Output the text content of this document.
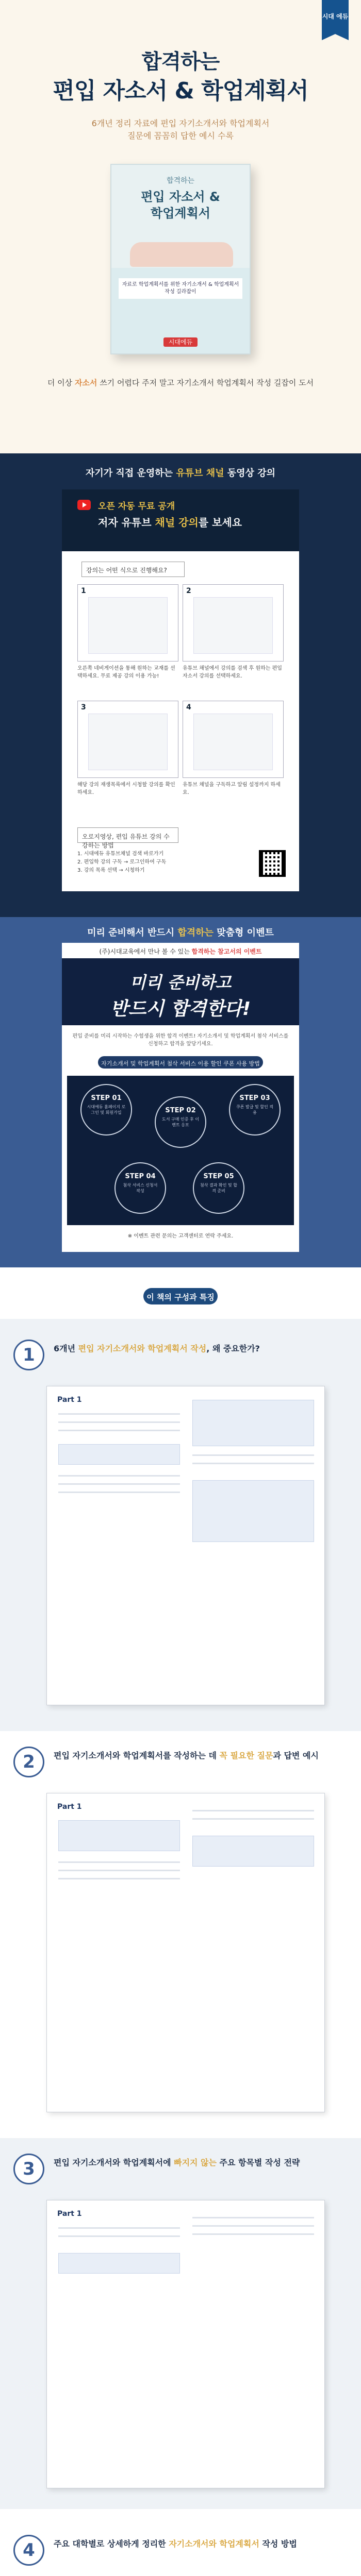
시대 에듀
합격하는
편입 자소서 & 학업계획서
6개년 정리 자료에 편입 자기소개서와 학업계획서
질문에 꼼꼼히 답한 예시 수록
합격하는
편입 자소서 &
학업계획서
자료로 학업계획서를 위한 자기소개서 & 학업계획서 작성 길라잡이
시대에듀
더 이상 자소서 쓰기 어렵다 주저 말고 자기소개서 학업계획서 작성 길잡이 도서
자기가 직접 운영하는 유튜브 채널 동영상 강의
오픈 자동 무료 공개
저자 유튜브 채널 강의를 보세요
강의는 어떤 식으로 진행해요?
1
오른쪽 네비게이션을 통해 원하는 교재를 선택하세요. 무료 제공 강의 이용 가능!
2
유튜브 채널에서 강의를 검색 후 원하는 편입 자소서 강의를 선택하세요.
3
해당 강의 재생목록에서 시청할 강의를 확인하세요.
4
유튜브 채널을 구독하고 알림 설정까지 하세요.
오로지영상, 편입 유튜브 강의 수강하는 방법
1. 시대에듀 유튜브채널 검색 바로가기
2. 편입학 강의 구독 → 로그인하여 구독
3. 강의 목록 선택 → 시청하기
미리 준비해서 반드시 합격하는 맞춤형 이벤트
(주)시대교육에서 만나 볼 수 있는 합격하는 참고서의 이벤트
미리 준비하고
반드시 합격한다!
편입 준비를 미리 시작하는 수험생을 위한 합격 이벤트! 자기소개서 및 학업계획서 첨삭 서비스를 신청하고 합격을 앞당기세요.
자기소개서 및 학업계획서 첨삭 서비스 이용 할인 쿠폰 사용 방법
STEP 01
시대에듀 홈페이지 로그인 및 회원가입	STEP 02
도서 구매 인증 후 이벤트 응모
STEP 03
쿠폰 발급 및 할인 적용
STEP 04
첨삭 서비스 신청서 작성
STEP 05
첨삭 결과 확인 및 합격 준비
※ 이벤트 관련 문의는 고객센터로 연락 주세요.
이 책의 구성과 특징
1	6개년 편입 자기소개서와 학업계획서 작성, 왜 중요한가?
Part 1
2	편입 자기소개서와 학업계획서를 작성하는 데 꼭 필요한 질문과 답변 예시
Part 1
3	편입 자기소개서와 학업계획서에 빠지지 않는 주요 항목별 작성 전략
Part 1
4	주요 대학별로 상세하게 정리한 자기소개서와 학업계획서 작성 방법
